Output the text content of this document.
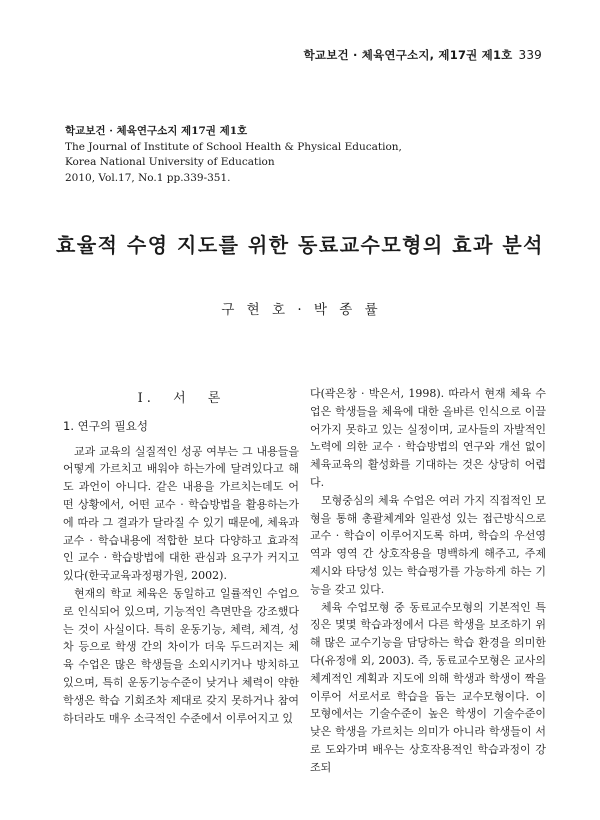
학교보건 · 체육연구소지, 제17권 제1호 339
학교보건 · 체육연구소지 제17권 제1호
The Journal of Institute of School Health & Physical Education,
Korea National University of Education
2010, Vol.17, No.1 pp.339-351.
효율적 수영 지도를 위한 동료교수모형의 효과 분석
구 현 호 · 박 종 률
I. 서 론
1. 연구의 필요성

교과 교육의 실질적인 성공 여부는 그 내용들을 어떻게 가르치고 배워야 하는가에 달려있다고 해도 과언이 아니다. 같은 내용을 가르치는데도 어떤 상황에서, 어떤 교수 · 학습방법을 활용하는가에 따라 그 결과가 달라질 수 있기 때문에, 체육과 교수 · 학습내용에 적합한 보다 다양하고 효과적인 교수 · 학습방법에 대한 관심과 요구가 커지고 있다(한국교육과정평가원, 2002).

현재의 학교 체육은 동일하고 일률적인 수업으로 인식되어 있으며, 기능적인 측면만을 강조했다는 것이 사실이다. 특히 운동기능, 체력, 체격, 성차 등으로 학생 간의 차이가 더욱 두드러지는 체육 수업은 많은 학생들을 소외시키거나 방치하고 있으며, 특히 운동기능수준이 낮거나 체력이 약한 학생은 학습 기회조차 제대로 갖지 못하거나 참여하더라도 매우 소극적인 수준에서 이루어지고 있

다(곽은창 · 박은서, 1998). 따라서 현재 체육 수업은 학생들을 체육에 대한 올바른 인식으로 이끌어가지 못하고 있는 실정이며, 교사들의 자발적인 노력에 의한 교수 · 학습방법의 연구와 개선 없이 체육교육의 활성화를 기대하는 것은 상당히 어렵다.

모형중심의 체육 수업은 여러 가지 직접적인 모형을 통해 총괄체계와 일관성 있는 접근방식으로 교수 · 학습이 이루어지도록 하며, 학습의 우선영역과 영역 간 상호작용을 명백하게 해주고, 주제 제시와 타당성 있는 학습평가를 가능하게 하는 기능을 갖고 있다.

체육 수업모형 중 동료교수모형의 기본적인 특징은 몇몇 학습과정에서 다른 학생을 보조하기 위해 많은 교수기능을 담당하는 학습 환경을 의미한다(유정애 외, 2003). 즉, 동료교수모형은 교사의 체계적인 계획과 지도에 의해 학생과 학생이 짝을 이루어 서로서로 학습을 돕는 교수모형이다. 이 모형에서는 기술수준이 높은 학생이 기술수준이 낮은 학생을 가르치는 의미가 아니라 학생들이 서로 도와가며 배우는 상호작용적인 학습과정이 강조되
